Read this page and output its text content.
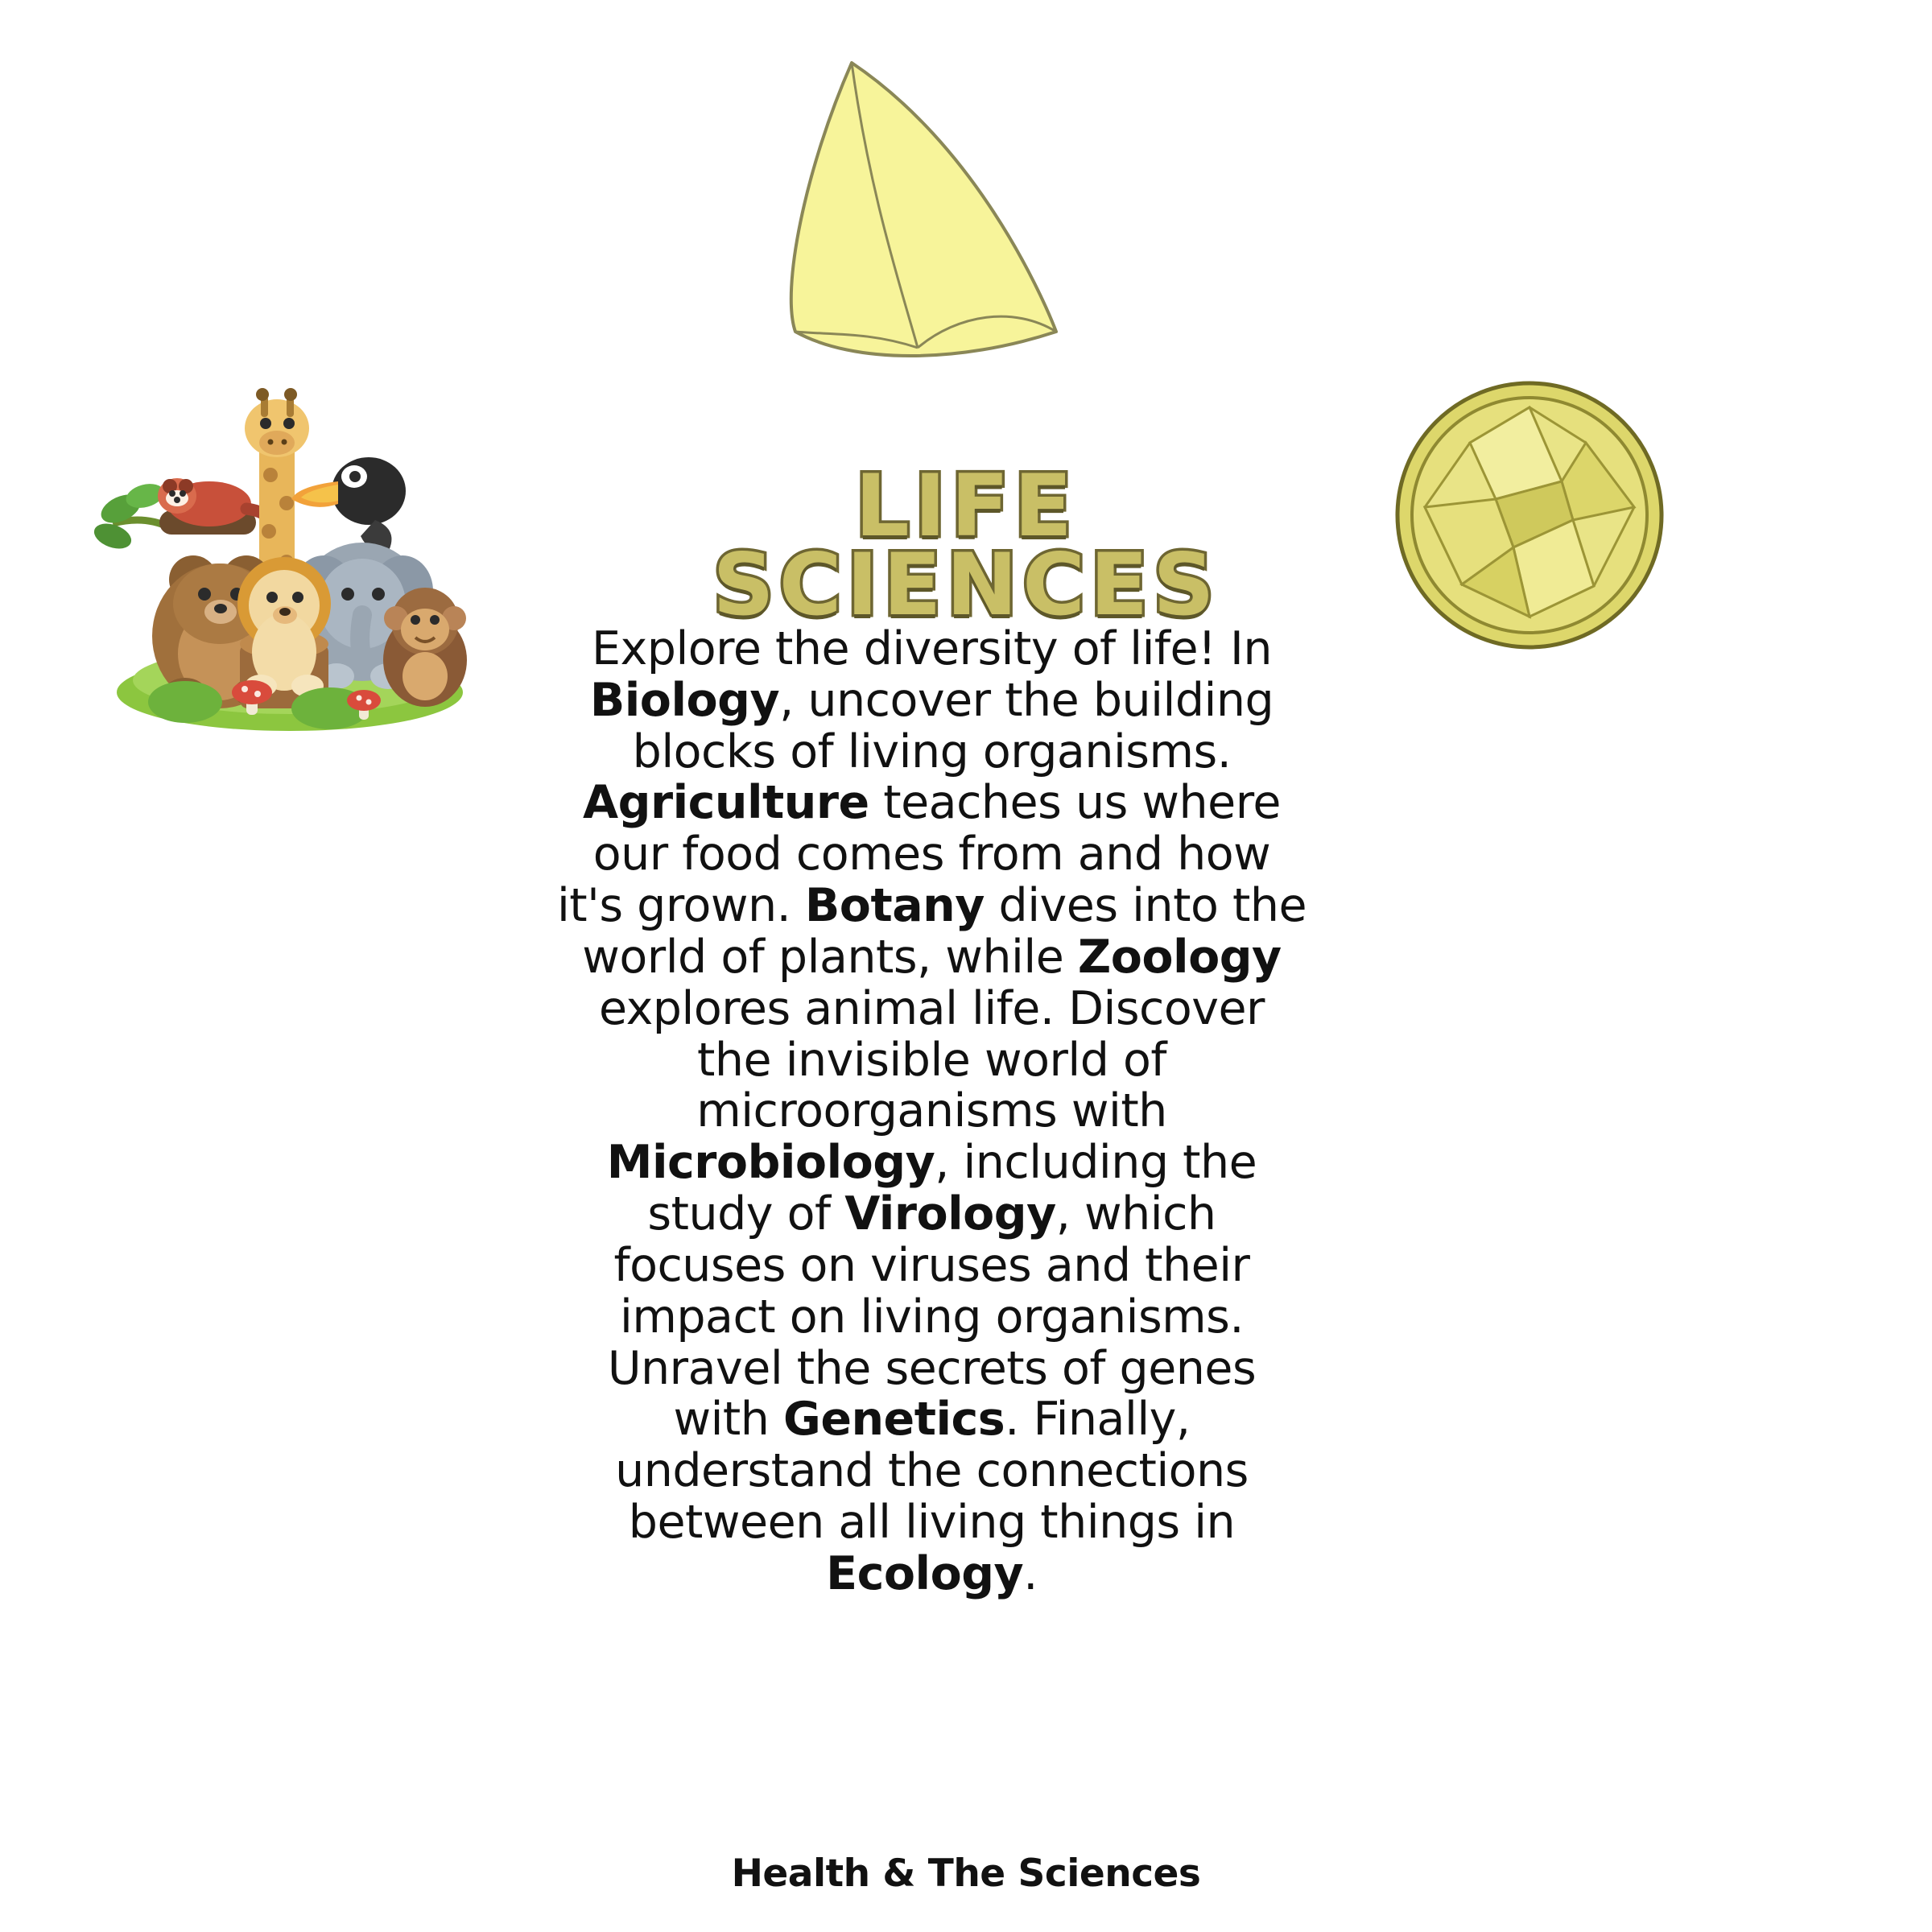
LIFE
SCIENCES
Explore the diversity of life! In Biology, uncover the building blocks of living organisms. Agriculture teaches us where our food comes from and how it's grown. Botany dives into the world of plants, while Zoology explores animal life. Discover the invisible world of microorganisms with Microbiology, including the study of Virology, which focuses on viruses and their impact on living organisms. Unravel the secrets of genes with Genetics. Finally, understand the connections between all living things in Ecology.
Health & The Sciences
